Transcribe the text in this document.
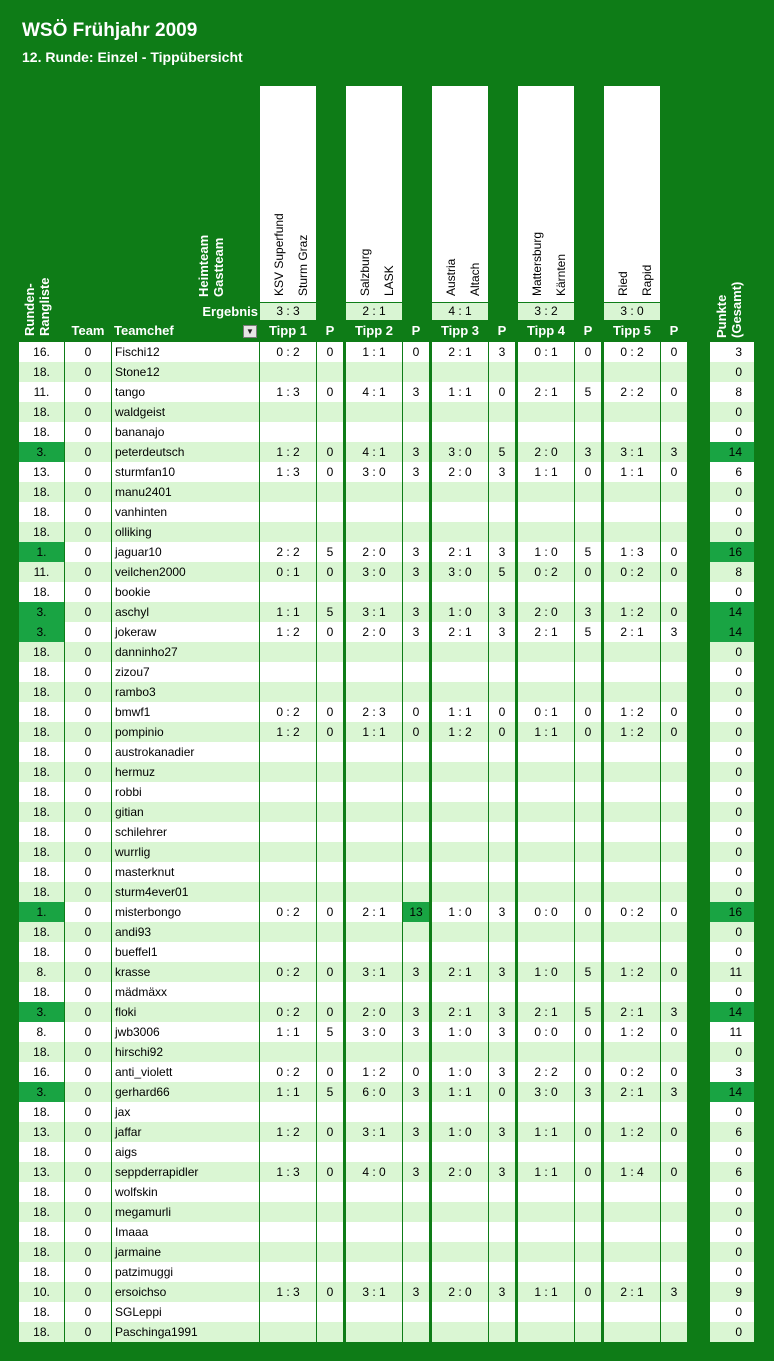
WSÖ Frühjahr 2009
12. Runde: Einzel - Tippübersicht
Runden- Rangliste
Heimteam Gastteam
Punkte (Gesamt)
KSV Superfund Sturm Graz	Salzburg LASK	Austria Altach	Mattersburg Kärnten	Ried Rapid
Ergebnis	3 : 3	2 : 1	4 : 1	3 : 2	3 : 0
Team Teamchef	▼	Tipp 1	P	Tipp 2	P	Tipp 3	P	Tipp 4	P	Tipp 5	P
16.	0	Fischi12	0 : 2	0	1 : 1	0	2 : 1	3	0 : 1	0	0 : 2	0	3
18.	0	Stone12	0
11.	0	tango	1 : 3	0	4 : 1	3	1 : 1	0	2 : 1	5	2 : 2	0	8
18.	0	waldgeist	0
18.	0	bananajo	0
3.	0	peterdeutsch	1 : 2	0	4 : 1	3	3 : 0	5	2 : 0	3	3 : 1	3	14
13.	0	sturmfan10	1 : 3	0	3 : 0	3	2 : 0	3	1 : 1	0	1 : 1	0	6
18.	0	manu2401	0
18.	0	vanhinten	0
18.	0	olliking	0
1.	0	jaguar10	2 : 2	5	2 : 0	3	2 : 1	3	1 : 0	5	1 : 3	0	16
11.	0	veilchen2000	0 : 1	0	3 : 0	3	3 : 0	5	0 : 2	0	0 : 2	0	8
18.	0	bookie	0
3.	0	aschyl	1 : 1	5	3 : 1	3	1 : 0	3	2 : 0	3	1 : 2	0	14
3.	0	jokeraw	1 : 2	0	2 : 0	3	2 : 1	3	2 : 1	5	2 : 1	3	14
18.	0	danninho27	0
18.	0	zizou7	0
18.	0	rambo3	0
18.	0	bmwf1	0 : 2	0	2 : 3	0	1 : 1	0	0 : 1	0	1 : 2	0	0
18.	0	pompinio	1 : 2	0	1 : 1	0	1 : 2	0	1 : 1	0	1 : 2	0	0
18.	0	austrokanadier	0
18.	0	hermuz	0
18.	0	robbi	0
18.	0	gitian	0
18.	0	schilehrer	0
18.	0	wurrlig	0
18.	0	masterknut	0
18.	0	sturm4ever01	0
1.	0	misterbongo	0 : 2	0	2 : 1	13	1 : 0	3	0 : 0	0	0 : 2	0	16
18.	0	andi93	0
18.	0	bueffel1	0
8.	0	krasse	0 : 2	0	3 : 1	3	2 : 1	3	1 : 0	5	1 : 2	0	11
18.	0	mädmäxx	0
3.	0	floki	0 : 2	0	2 : 0	3	2 : 1	3	2 : 1	5	2 : 1	3	14
8.	0	jwb3006	1 : 1	5	3 : 0	3	1 : 0	3	0 : 0	0	1 : 2	0	11
18.	0	hirschi92	0
16.	0	anti_violett	0 : 2	0	1 : 2	0	1 : 0	3	2 : 2	0	0 : 2	0	3
3.	0	gerhard66	1 : 1	5	6 : 0	3	1 : 1	0	3 : 0	3	2 : 1	3	14
18.	0	jax	0
13.	0	jaffar	1 : 2	0	3 : 1	3	1 : 0	3	1 : 1	0	1 : 2	0	6
18.	0	aigs	0
13.	0	seppderrapidler	1 : 3	0	4 : 0	3	2 : 0	3	1 : 1	0	1 : 4	0	6
18.	0	wolfskin	0
18.	0	megamurli	0
18.	0	Imaaa	0
18.	0	jarmaine	0
18.	0	patzimuggi	0
10.	0	ersoichso	1 : 3	0	3 : 1	3	2 : 0	3	1 : 1	0	2 : 1	3	9
18.	0	SGLeppi	0
18.	0	Paschinga1991	0
